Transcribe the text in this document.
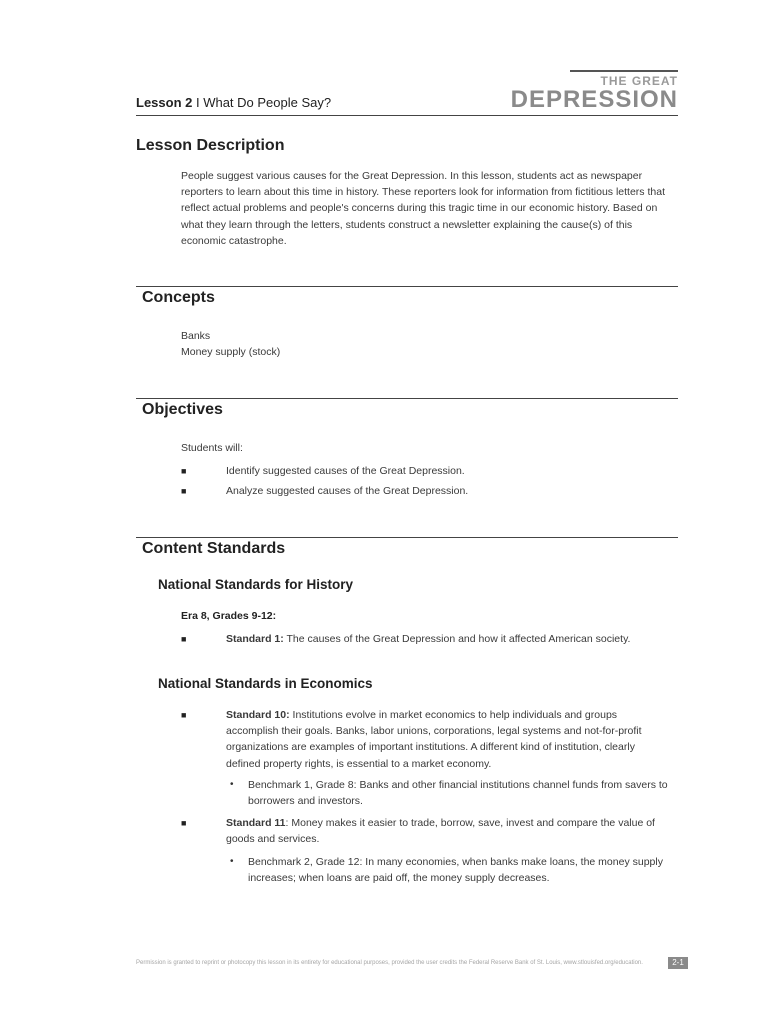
Lesson 2 I What Do People Say?
THE GREAT
DEPRESSION
Lesson Description

People suggest various causes for the Great Depression. In this lesson, students act as newspaper reporters to learn about this time in history. These reporters look for information from fictitious letters that reflect actual problems and people's concerns during this tragic time in our economic history. Based on what they learn through the letters, students construct a newsletter explaining the cause(s) of this economic catastrophe.

Concepts
Banks
Money supply (stock)
Objectives
Students will:
■	Identify suggested causes of the Great Depression.
■	Analyze suggested causes of the Great Depression.
Content Standards
National Standards for History
Era 8, Grades 9-12:
■	Standard 1: The causes of the Great Depression and how it affected American society.
National Standards in Economics
■	Standard 10: Institutions evolve in market economics to help individuals and groups accomplish their goals. Banks, labor unions, corporations, legal systems and not-for-profit organizations are examples of important institutions. A different kind of institution, clearly defined property rights, is essential to a market economy.
• Benchmark 1, Grade 8: Banks and other financial institutions channel funds from savers to borrowers and investors.
■	Standard 11: Money makes it easier to trade, borrow, save, invest and compare the value of goods and services.
• Benchmark 2, Grade 12: In many economies, when banks make loans, the money supply increases; when loans are paid off, the money supply decreases.
Permission is granted to reprint or photocopy this lesson in its entirety for educational purposes, provided the user credits the Federal Reserve Bank of St. Louis, www.stlouisfed.org/education.	2-1
